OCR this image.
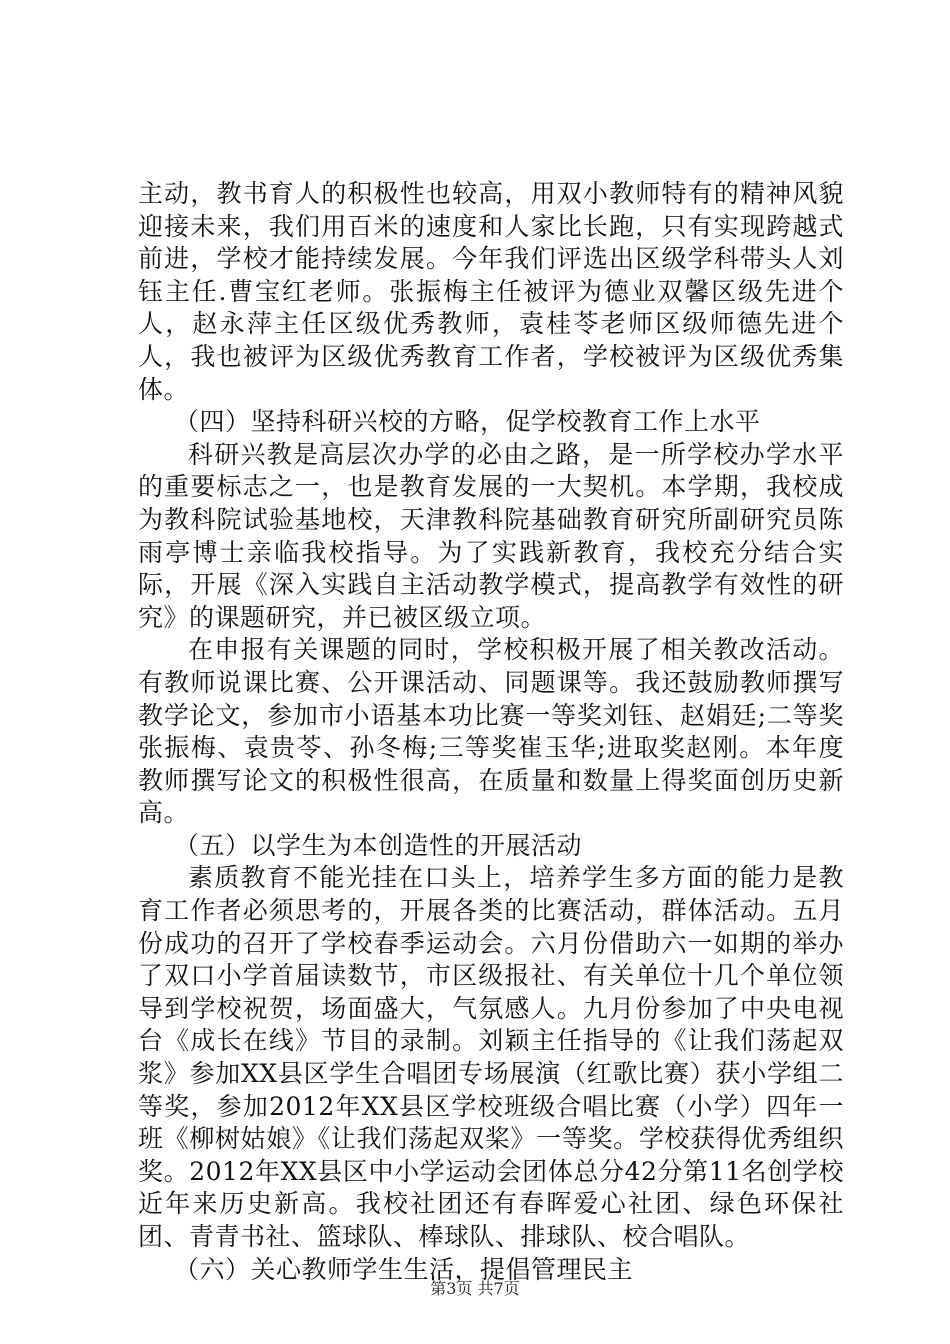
主动，教书育人的积极性也较高，用双小教师特有的精神风貌迎接未来，我们用百米的速度和人家比长跑，只有实现跨越式前进，学校才能持续发展。今年我们评选出区级学科带头人刘钰主任.曹宝红老师。张振梅主任被评为德业双馨区级先进个人，赵永萍主任区级优秀教师，袁桂苓老师区级师德先进个人，我也被评为区级优秀教育工作者，学校被评为区级优秀集体。

（四）坚持科研兴校的方略，促学校教育工作上水平

科研兴教是高层次办学的必由之路，是一所学校办学水平的重要标志之一，也是教育发展的一大契机。本学期，我校成为教科院试验基地校，天津教科院基础教育研究所副研究员陈雨亭博士亲临我校指导。为了实践新教育，我校充分结合实际，开展《深入实践自主活动教学模式，提高教学有效性的研究》的课题研究，并已被区级立项。

在申报有关课题的同时，学校积极开展了相关教改活动。有教师说课比赛、公开课活动、同题课等。我还鼓励教师撰写教学论文，参加市小语基本功比赛一等奖刘钰、赵娟廷;二等奖张振梅、袁贵苓、孙冬梅;三等奖崔玉华;进取奖赵刚。本年度教师撰写论文的积极性很高，在质量和数量上得奖面创历史新高。

（五）以学生为本创造性的开展活动

素质教育不能光挂在口头上，培养学生多方面的能力是教育工作者必须思考的，开展各类的比赛活动，群体活动。五月份成功的召开了学校春季运动会。六月份借助六一如期的举办了双口小学首届读数节，市区级报社、有关单位十几个单位领导到学校祝贺，场面盛大，气氛感人。九月份参加了中央电视台《成长在线》节目的录制。刘颖主任指导的《让我们荡起双浆》参加XX县区学生合唱团专场展演（红歌比赛）获小学组二等奖，参加2012年XX县区学校班级合唱比赛（小学）四年一班《柳树姑娘》《让我们荡起双桨》一等奖。学校获得优秀组织奖。2012年XX县区中小学运动会团体总分42分第11名创学校近年来历史新高。我校社团还有春晖爱心社团、绿色环保社团、青青书社、篮球队、棒球队、排球队、校合唱队。

（六）关心教师学生生活，提倡管理民主

第3页 共7页
